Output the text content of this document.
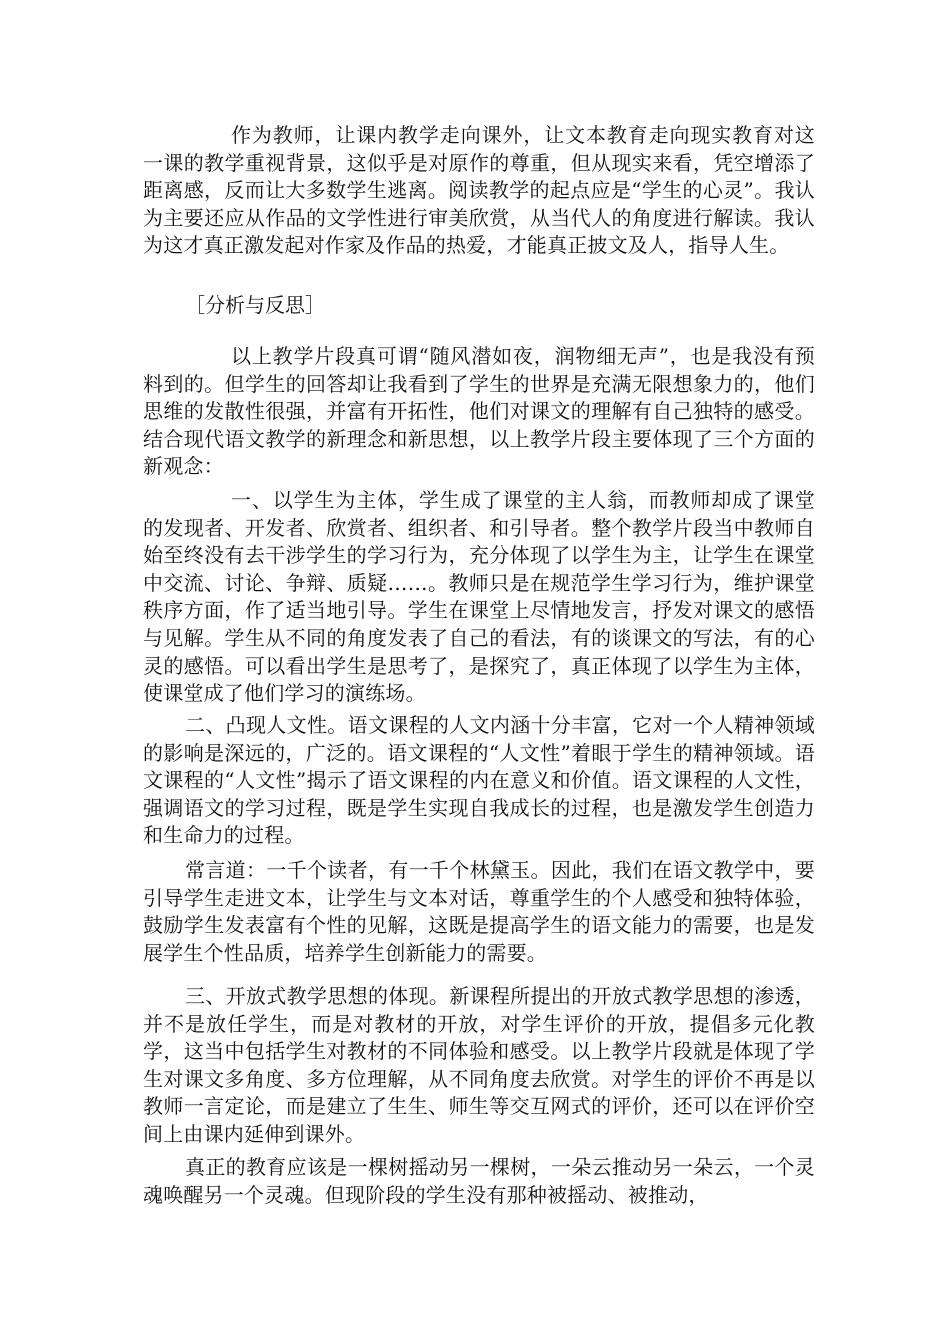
作为教师，让课内教学走向课外，让文本教育走向现实教育对这一课的教学重视背景，这似乎是对原作的尊重，但从现实来看，凭空增添了距离感，反而让大多数学生逃离。阅读教学的起点应是“学生的心灵”。我认为主要还应从作品的文学性进行审美欣赏，从当代人的角度进行解读。我认为这才真正激发起对作家及作品的热爱，才能真正披文及人，指导人生。
［分析与反思］
以上教学片段真可谓“随风潜如夜，润物细无声”，也是我没有预料到的。但学生的回答却让我看到了学生的世界是充满无限想象力的，他们思维的发散性很强，并富有开拓性，他们对课文的理解有自己独特的感受。结合现代语文教学的新理念和新思想，以上教学片段主要体现了三个方面的新观念：
一、以学生为主体，学生成了课堂的主人翁，而教师却成了课堂的发现者、开发者、欣赏者、组织者、和引导者。整个教学片段当中教师自始至终没有去干涉学生的学习行为，充分体现了以学生为主，让学生在课堂中交流、讨论、争辩、质疑……。教师只是在规范学生学习行为，维护课堂秩序方面，作了适当地引导。学生在课堂上尽情地发言，抒发对课文的感悟与见解。学生从不同的角度发表了自己的看法，有的谈课文的写法，有的心灵的感悟。可以看出学生是思考了，是探究了，真正体现了以学生为主体，使课堂成了他们学习的演练场。
二、凸现人文性。语文课程的人文内涵十分丰富，它对一个人精神领域的影响是深远的，广泛的。语文课程的“人文性”着眼于学生的精神领域。语文课程的“人文性”揭示了语文课程的内在意义和价值。语文课程的人文性，强调语文的学习过程，既是学生实现自我成长的过程，也是激发学生创造力和生命力的过程。
常言道：一千个读者，有一千个林黛玉。因此，我们在语文教学中，要引导学生走进文本，让学生与文本对话，尊重学生的个人感受和独特体验，鼓励学生发表富有个性的见解，这既是提高学生的语文能力的需要，也是发展学生个性品质，培养学生创新能力的需要。
三、开放式教学思想的体现。新课程所提出的开放式教学思想的渗透，并不是放任学生，而是对教材的开放，对学生评价的开放，提倡多元化教学，这当中包括学生对教材的不同体验和感受。以上教学片段就是体现了学生对课文多角度、多方位理解，从不同角度去欣赏。对学生的评价不再是以教师一言定论，而是建立了生生、师生等交互网式的评价，还可以在评价空间上由课内延伸到课外。
真正的教育应该是一棵树摇动另一棵树，一朵云推动另一朵云，一个灵魂唤醒另一个灵魂。但现阶段的学生没有那种被摇动、被推动，
